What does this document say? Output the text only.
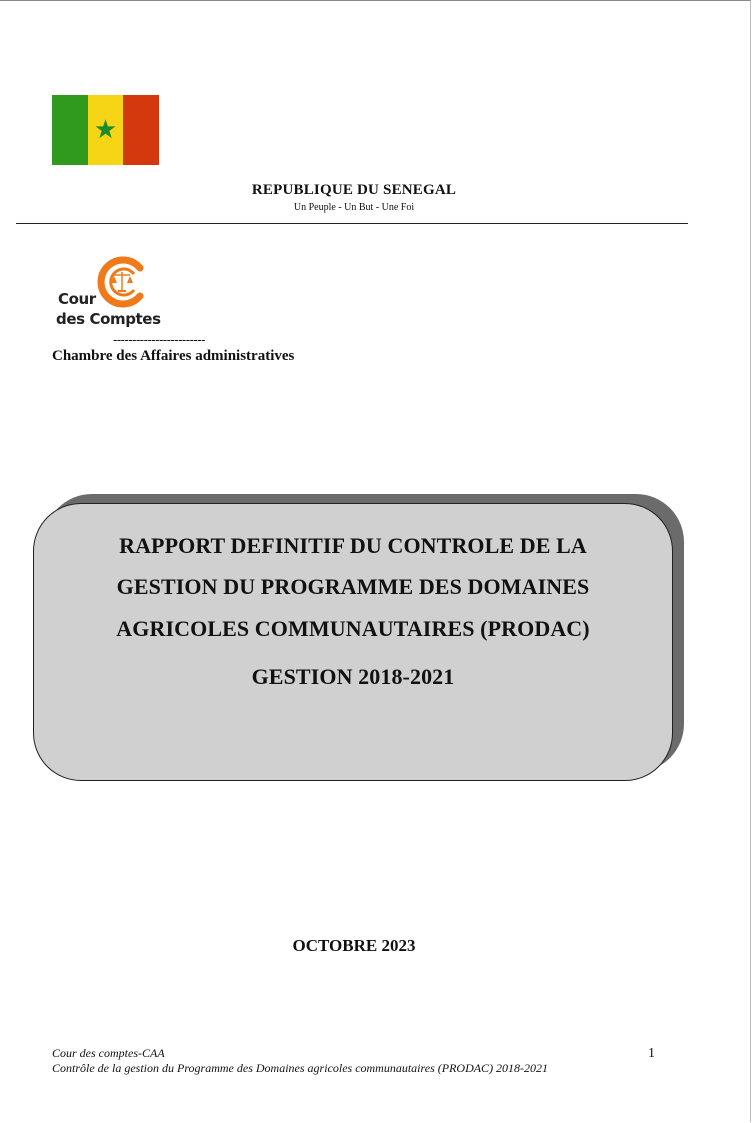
★
REPUBLIQUE DU SENEGAL
Un Peuple - Un But - Une Foi
Cour
des Comptes
------------------------
Chambre des Affaires administratives
RAPPORT DEFINITIF DU CONTROLE DE LA
GESTION DU PROGRAMME DES DOMAINES
AGRICOLES COMMUNAUTAIRES (PRODAC)
GESTION 2018-2021
OCTOBRE 2023
Cour des comptes-CAA
Contrôle de la gestion du Programme des Domaines agricoles communautaires (PRODAC) 2018-2021
1
